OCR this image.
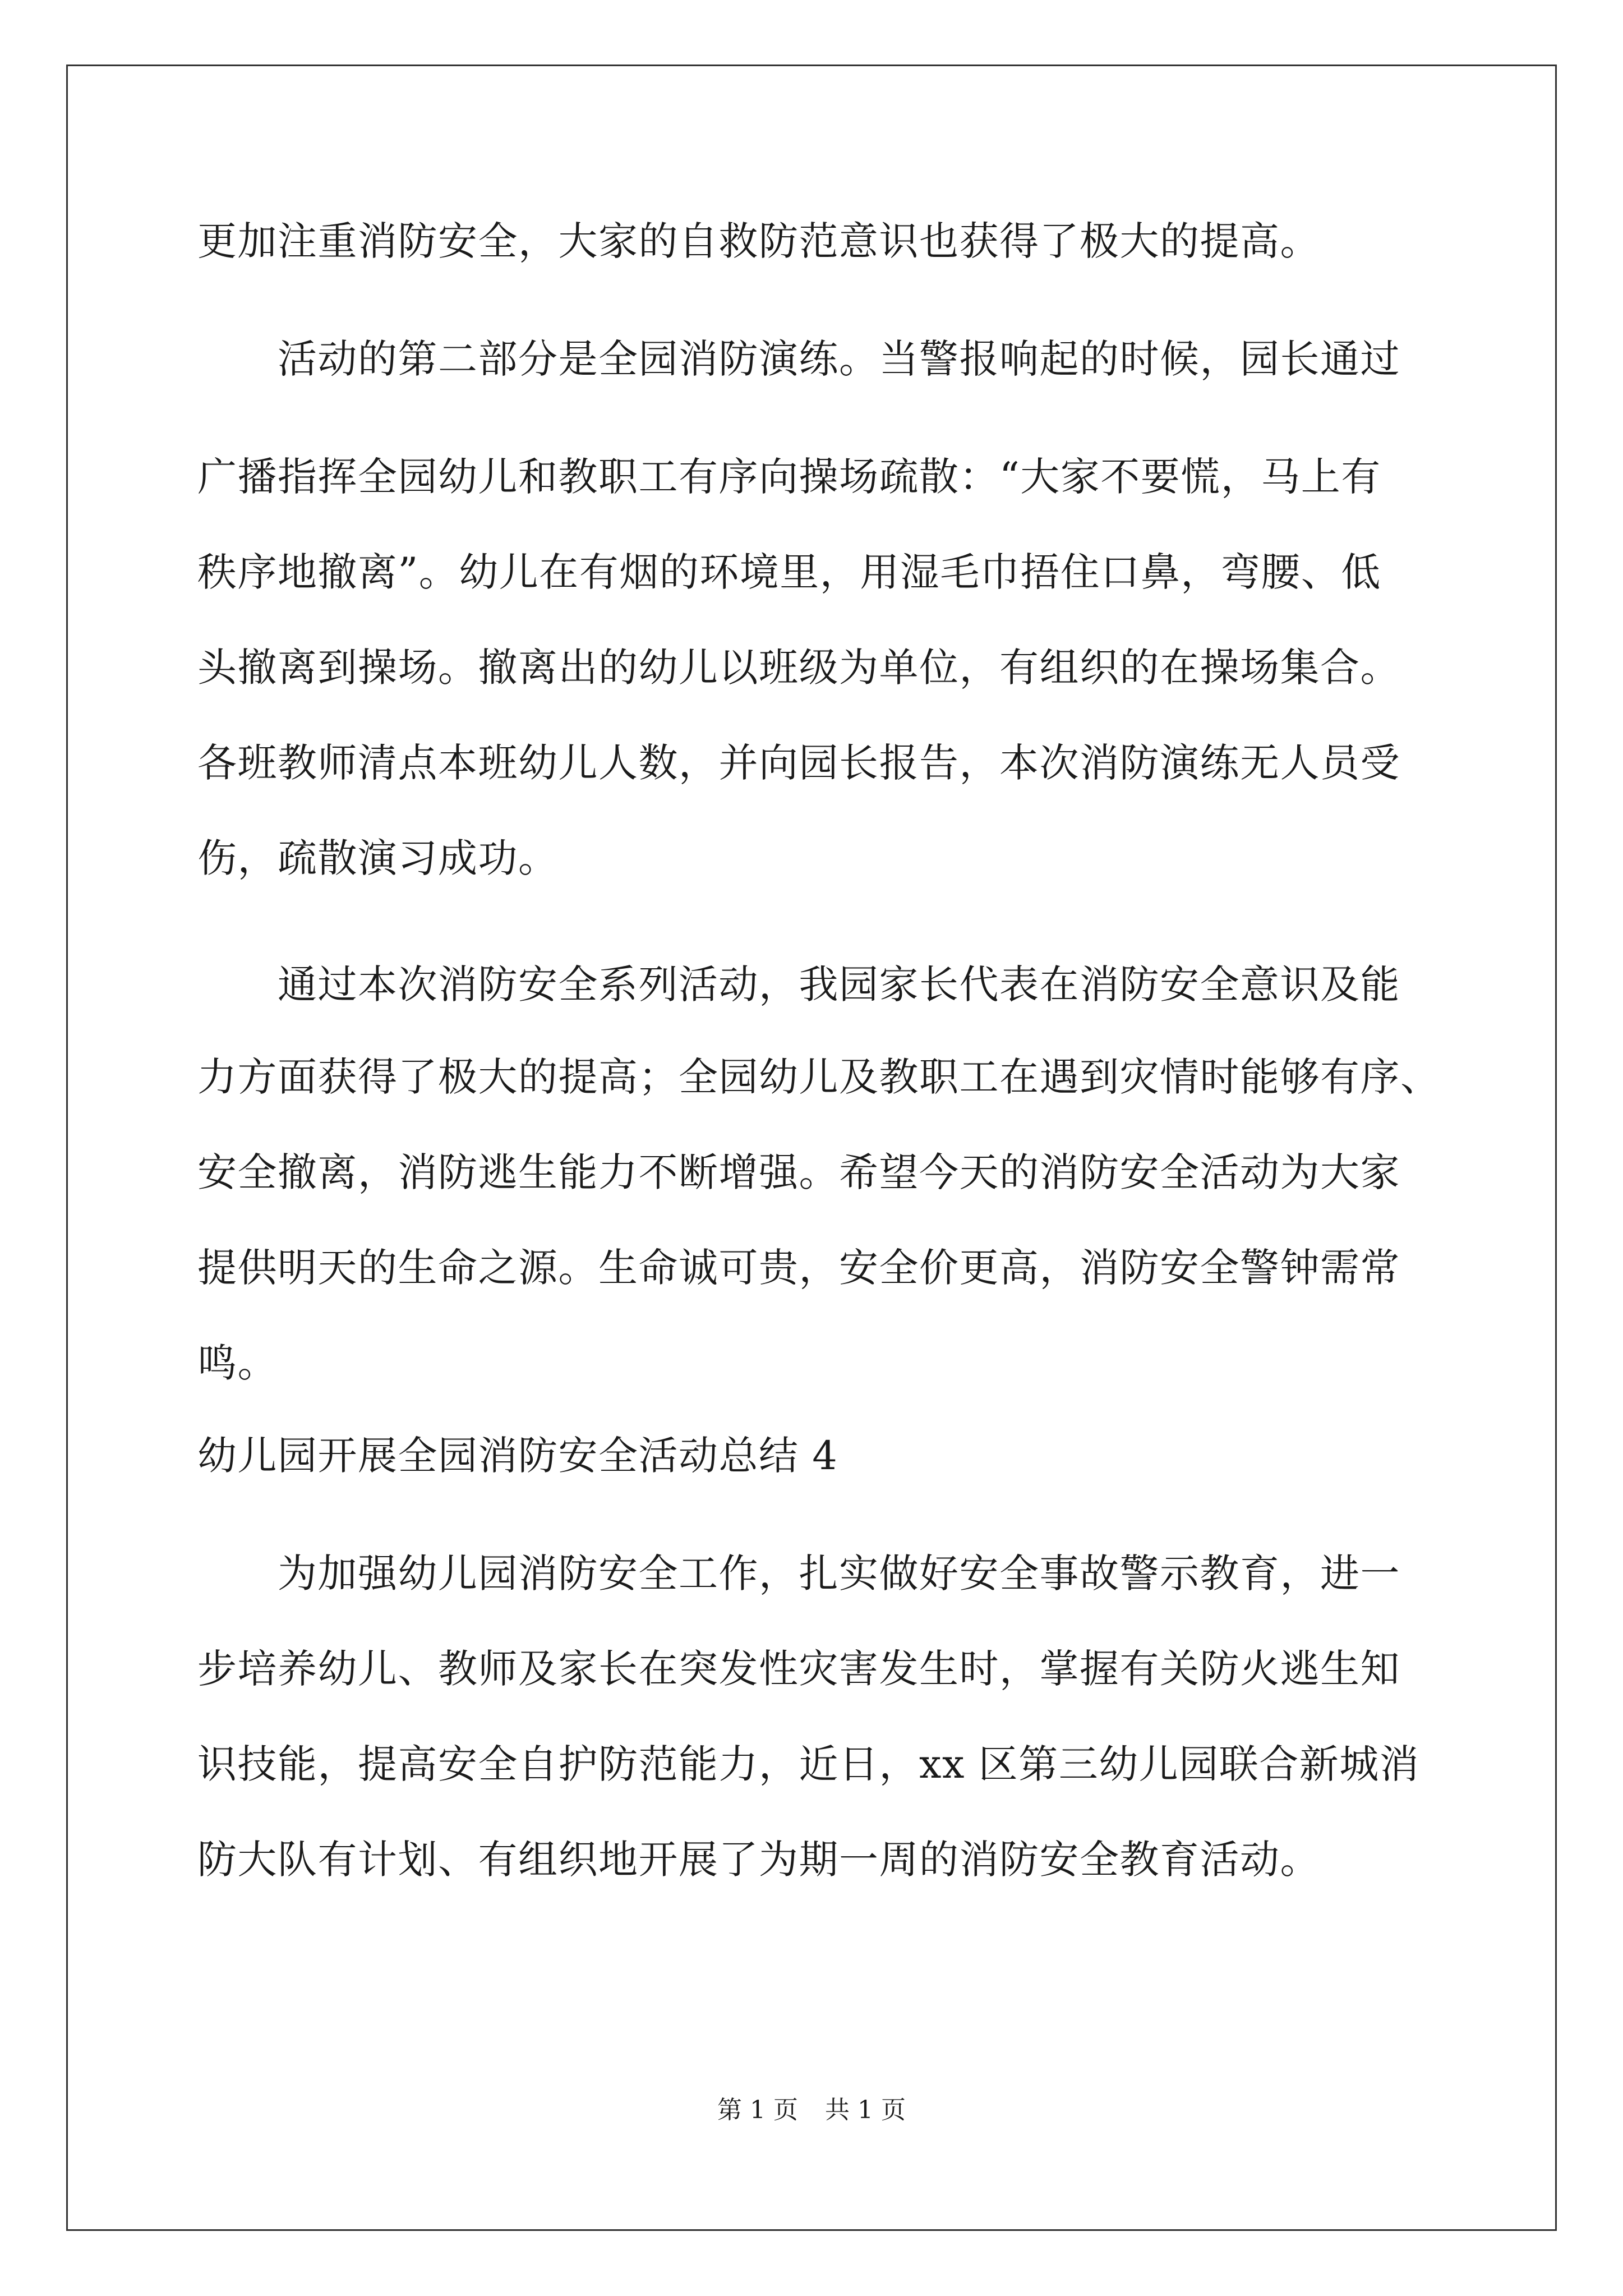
更加注重消防安全，大家的自救防范意识也获得了极大的提高。
　　活动的第二部分是全园消防演练。当警报响起的时候，园长通过
广播指挥全园幼儿和教职工有序向操场疏散：“大家不要慌，马上有
秩序地撤离”。幼儿在有烟的环境里，用湿毛巾捂住口鼻，弯腰、低
头撤离到操场。撤离出的幼儿以班级为单位，有组织的在操场集合。
各班教师清点本班幼儿人数，并向园长报告，本次消防演练无人员受
伤，疏散演习成功。
　　通过本次消防安全系列活动，我园家长代表在消防安全意识及能
力方面获得了极大的提高；全园幼儿及教职工在遇到灾情时能够有序、
安全撤离，消防逃生能力不断增强。希望今天的消防安全活动为大家
提供明天的生命之源。生命诚可贵，安全价更高，消防安全警钟需常
鸣。
幼儿园开展全园消防安全活动总结 4
　　为加强幼儿园消防安全工作，扎实做好安全事故警示教育，进一
步培养幼儿、教师及家长在突发性灾害发生时，掌握有关防火逃生知
识技能，提高安全自护防范能力，近日，xx 区第三幼儿园联合新城消
防大队有计划、有组织地开展了为期一周的消防安全教育活动。
第 1 页 共 1 页
